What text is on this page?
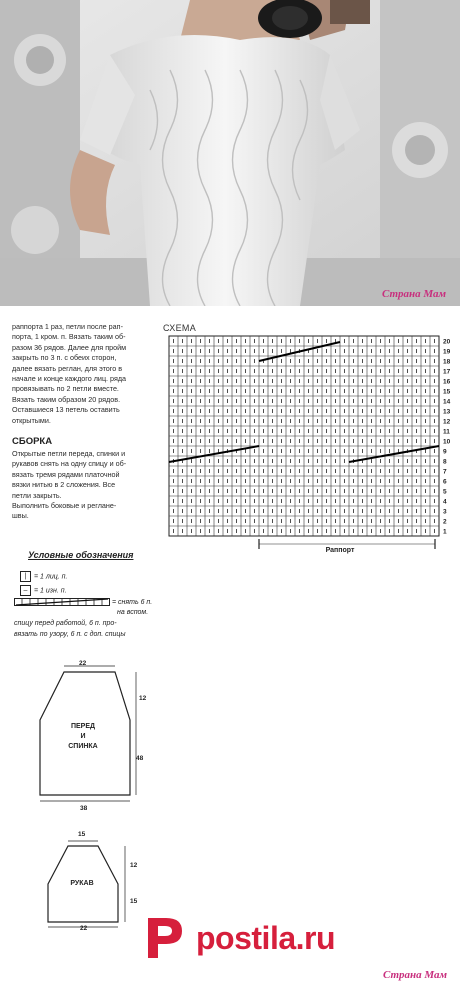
Страна Мам
раппорта 1 раз, петли после рап-
порта, 1 кром. п. Вязать таким об-
разом 36 рядов. Далее для пройм
закрыть по 3 п. с обеих сторон,
далее вязать реглан, для этого в
начале и конце каждого лиц. ряда
провязывать по 2 петли вместе.
Вязать таким образом 20 рядов.
Оставшиеся 13 петель оставить
открытыми.
СБОРКА
Открытые петли переда, спинки и
рукавов снять на одну спицу и об-
вязать тремя рядами платочной
вязки нитью в 2 сложения. Все
петли закрыть.
Выполнить боковые и реглане-
швы.
СХЕМА
20
19
18
17
16
15
14
13
12
11
10
9
8
7
6
5
4
3
2
1
Раппорт
Условные обозначения
| = 1 лиц. п.
– = 1 изн. п.
= снять 6 п.
на вспом.
спицу перед работой, 6 п. про-
вязать по узору, 6 п. с доп. спицы
22
12
48
38
ПЕРЕД
И
СПИНКА
15
12
15
22
РУКАВ
postila.ru
Страна Мам
